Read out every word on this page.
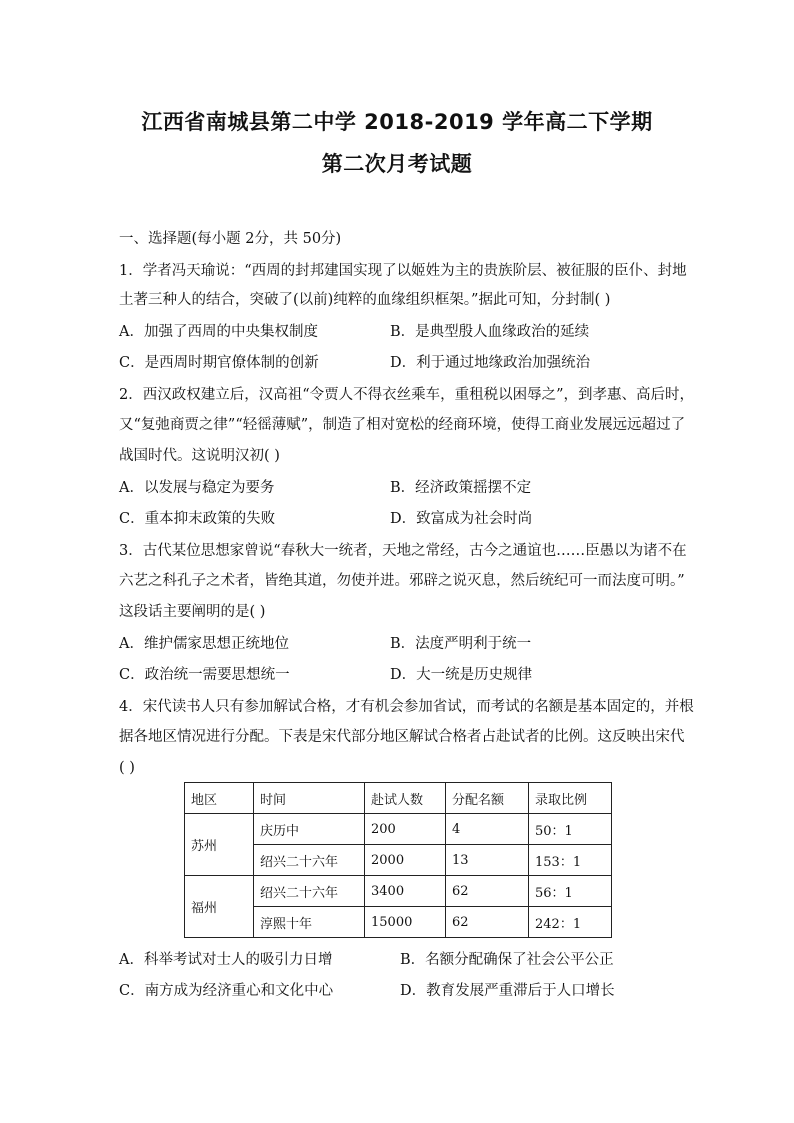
江西省南城县第二中学 2018-2019 学年高二下学期
第二次月考试题
一、选择题(每小题 2分，共 50分)
1．学者冯天瑜说：“西周的封邦建国实现了以姬姓为主的贵族阶层、被征服的臣仆、封地
土著三种人的结合，突破了(以前)纯粹的血缘组织框架。”据此可知，分封制( )
A．加强了西周的中央集权制度	B．是典型殷人血缘政治的延续
C．是西周时期官僚体制的创新	D．利于通过地缘政治加强统治
2．西汉政权建立后，汉高祖“令贾人不得衣丝乘车，重租税以困辱之”，到孝惠、高后时，
又“复弛商贾之律”“轻徭薄赋”，制造了相对宽松的经商环境，使得工商业发展远远超过了
战国时代。这说明汉初( )
A．以发展与稳定为要务	B．经济政策摇摆不定
C．重本抑末政策的失败	D．致富成为社会时尚
3．古代某位思想家曾说“春秋大一统者，天地之常经，古今之通谊也……臣愚以为诸不在
六艺之科孔子之术者，皆绝其道，勿使并进。邪辟之说灭息，然后统纪可一而法度可明。”
这段话主要阐明的是( )
A．维护儒家思想正统地位	B．法度严明利于统一
C．政治统一需要思想统一	D．大一统是历史规律
4．宋代读书人只有参加解试合格，才有机会参加省试，而考试的名额是基本固定的，并根
据各地区情况进行分配。下表是宋代部分地区解试合格者占赴试者的比例。这反映出宋代
( )
地区	时间	赴试人数	分配名额	录取比例
苏州	庆历中	200	4	50：1
	绍兴二十六年	2000	13	153：1
福州	绍兴二十六年	3400	62	56：1
	淳熙十年	15000	62	242：1
A．科举考试对士人的吸引力日增	B．名额分配确保了社会公平公正
C．南方成为经济重心和文化中心	D．教育发展严重滞后于人口增长
